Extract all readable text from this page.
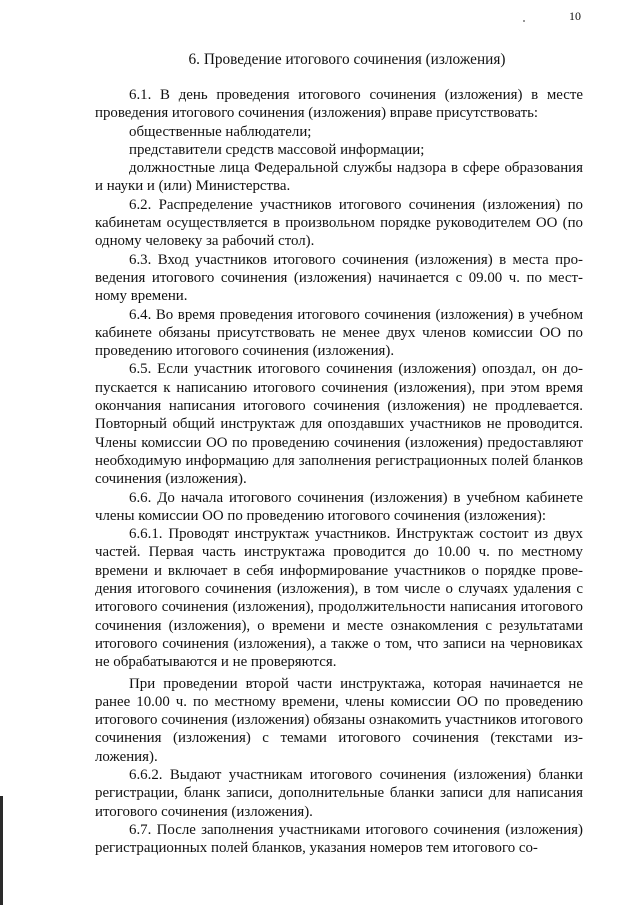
10
6. Проведение итогового сочинения (изложения)

6.1. В день проведения итогового сочинения (изложения) в месте проведения итогового сочинения (изложения) вправе присутствовать:

общественные наблюдатели;

представители средств массовой информации;

должностные лица Федеральной службы надзора в сфере образования и науки и (или) Министерства.

6.2. Распределение участников итогового сочинения (изложения) по кабинетам осуществляется в произвольном порядке руководителем ОО (по одному человеку за рабочий стол).

6.3. Вход участников итогового сочинения (изложения) в места проведения итогового сочинения (изложения) начинается с 09.00 ч. по местному времени.

6.4. Во время проведения итогового сочинения (изложения) в учебном кабинете обязаны присутствовать не менее двух членов комиссии ОО по проведению итогового сочинения (изложения).

6.5. Если участник итогового сочинения (изложения) опоздал, он допускается к написанию итогового сочинения (изложения), при этом время окончания написания итогового сочинения (изложения) не продлевается. Повторный общий инструктаж для опоздавших участников не проводится. Члены комиссии ОО по проведению сочинения (изложения) предоставляют необходимую информацию для заполнения регистрационных полей бланков сочинения (изложения).

6.6. До начала итогового сочинения (изложения) в учебном кабинете члены комиссии ОО по проведению итогового сочинения (изложения):

6.6.1. Проводят инструктаж участников. Инструктаж состоит из двух частей. Первая часть инструктажа проводится до 10.00 ч. по местному времени и включает в себя информирование участников о порядке проведения итогового сочинения (изложения), в том числе о случаях удаления с итогового сочинения (изложения), продолжительности написания итогового сочинения (изложения), о времени и месте ознакомления с результатами итогового сочинения (изложения), а также о том, что записи на черновиках не обрабатываются и не проверяются.

При проведении второй части инструктажа, которая начинается не ранее 10.00 ч. по местному времени, члены комиссии ОО по проведению итогового сочинения (изложения) обязаны ознакомить участников итогового сочинения (изложения) с темами итогового сочинения (текстами изложения).

6.6.2. Выдают участникам итогового сочинения (изложения) бланки регистрации, бланк записи, дополнительные бланки записи для написания итогового сочинения (изложения).

6.7. После заполнения участниками итогового сочинения (изложения) регистрационных полей бланков, указания номеров тем итогового со-
